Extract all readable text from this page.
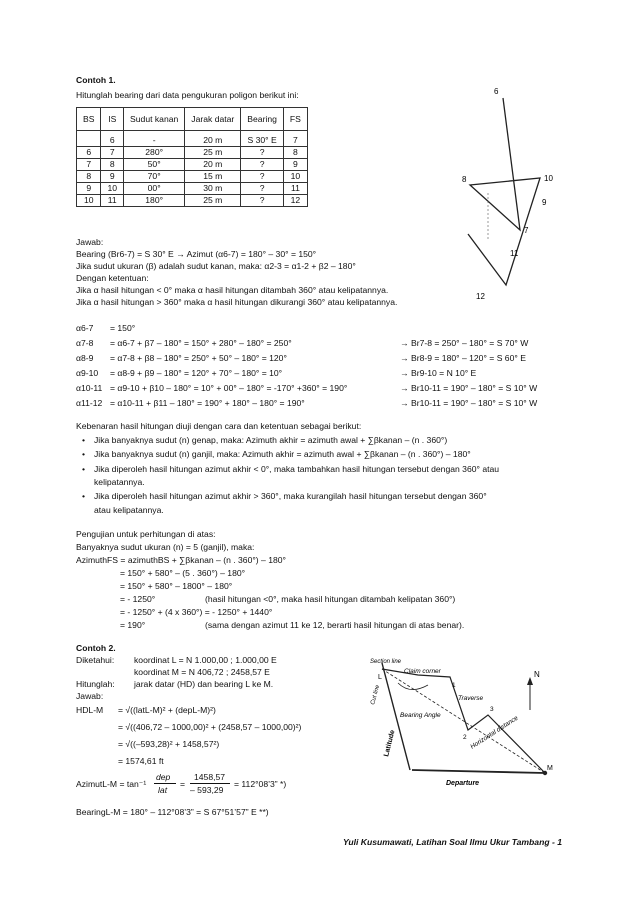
Contoh 1.
Hitunglah bearing dari data pengukuran poligon berikut ini:
BS	IS	Sudut kanan	Jarak datar	Bearing	FS
	6	-	20 m	S 30° E	7
6	7	280°	25 m	?	8
7	8	50°	20 m	?	9
8	9	70°	15 m	?	10
9	10	00°	30 m	?	11
10	11	180°	25 m	?	12
Jawab:
Bearing (Br6-7) = S 30° E → Azimut (α6-7) = 180° – 30° = 150°
Jika sudut ukuran (β) adalah sudut kanan, maka: α2-3 = α1-2 + β2 – 180°
Dengan ketentuan:
Jika α hasil hitungan < 0° maka α hasil hitungan ditambah 360° atau kelipatannya.
Jika α hasil hitungan > 360° maka α hasil hitungan dikurangi 360° atau kelipatannya.
α6-7 = 150°
α7-8 = α6-7 + β7 – 180° = 150° + 280° – 180° = 250°	→ Br7-8 = 250° – 180° = S 70° W
α8-9 = α7-8 + β8 – 180° = 250° + 50° – 180° = 120°	→ Br8-9 = 180° – 120° = S 60° E
α9-10 = α8-9 + β9 – 180° = 120° + 70° – 180° = 10°	→ Br9-10 = N 10° E
α10-11 = α9-10 + β10 – 180° = 10° + 00° – 180° = -170° +360° = 190°	→ Br10-11 = 190° – 180° = S 10° W
α11-12 = α10-11 + β11 – 180° = 190° + 180° – 180° = 190°	→ Br10-11 = 190° – 180° = S 10° W
Kebenaran hasil hitungan diuji dengan cara dan ketentuan sebagai berikut:
• Jika banyaknya sudut (n) genap, maka: Azimuth akhir = azimuth awal + ∑βkanan – (n . 360°)
• Jika banyaknya sudut (n) ganjil, maka: Azimuth akhir = azimuth awal + ∑βkanan – (n . 360°) – 180°
• Jika diperoleh hasil hitungan azimut akhir < 0°, maka tambahkan hasil hitungan tersebut dengan 360° atau
kelipatannya.
• Jika diperoleh hasil hitungan azimut akhir > 360°, maka kurangilah hasil hitungan tersebut dengan 360°
atau kelipatannya.
Pengujian untuk perhitungan di atas:
Banyaknya sudut ukuran (n) = 5 (ganjil), maka:
AzimuthFS = azimuthBS + ∑βkanan – (n . 360°) – 180°
= 150° + 580° – (5 . 360°) – 180°
= 150° + 580° – 1800° – 180°
= - 1250°	(hasil hitungan <0°, maka hasil hitungan ditambah kelipatan 360°)
= - 1250° + (4 x 360°) = - 1250° + 1440°
= 190°	(sama dengan azimut 11 ke 12, berarti hasil hitungan di atas benar).
Contoh 2.
Diketahui: koordinat L = N 1.000,00 ; 1.000,00 E
koordinat M = N 406,72 ; 2458,57 E
Hitunglah: jarak datar (HD) dan bearing L ke M.
Jawab:
HDL-M = √((latL-M)² + (depL-M)²)
= √((406,72 – 1000,00)² + (2458,57 – 1000,00)²)
= √((–593,28)² + 1458,57²)
= 1574,61 ft
AzimutL-M = tan⁻¹
dep
lat
=
1458,57
– 593,29
= 112°08’3” *)
BearingL-M = 180° – 112°08’3” = S 67°51’57” E **)
6
7
8	10
9
11
12
Claim corner
Traverse
Bearing Angle	Horizontal distance
Latitude
Departure
Section line
Cut line
N
L
1
2
3
M
Yuli Kusumawati, Latihan Soal Ilmu Ukur Tambang - 1
